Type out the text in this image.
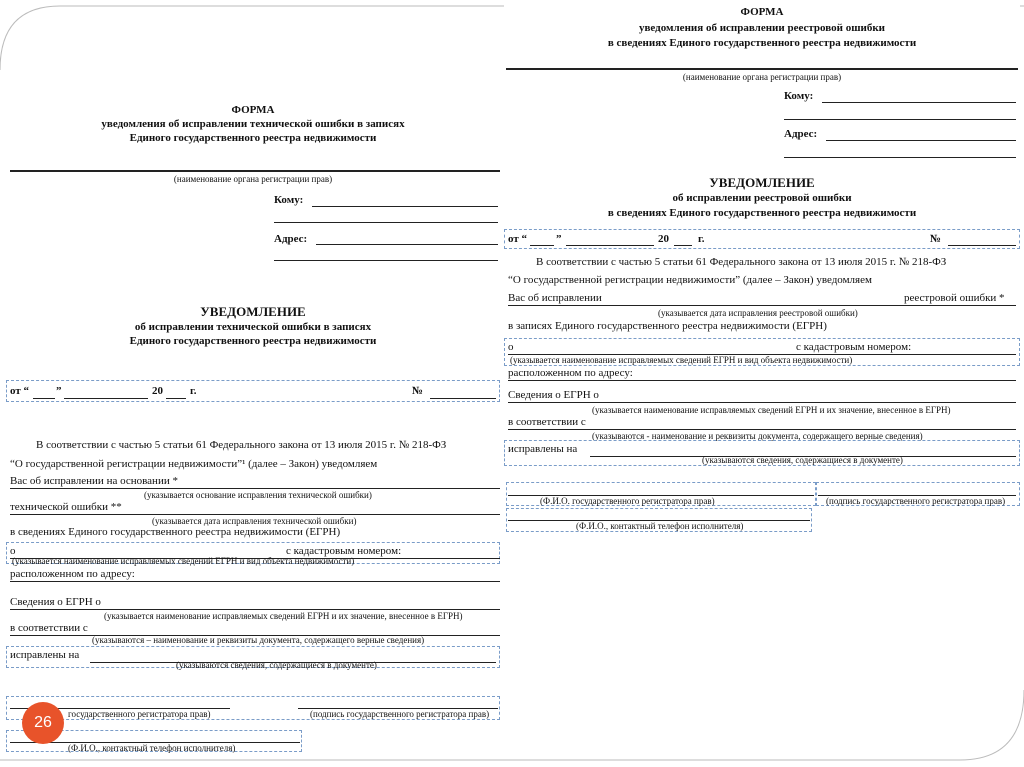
ФОРМА
уведомления об исправлении технической ошибки в записях
Единого государственного реестра недвижимости
(наименование органа регистрации прав)
Кому:
Адрес:
УВЕДОМЛЕНИЕ
об исправлении технической ошибки в записях
Единого государственного реестра недвижимости
от “ ”	20 г.	№
В соответствии с частью 5 статьи 61 Федерального закона от 13 июля 2015 г. № 218-ФЗ
“О государственной регистрации недвижимости”¹ (далее – Закон) уведомляем
Вас об исправлении на основании *
(указывается основание исправления технической ошибки)
технической ошибки **
(указывается дата исправления технической ошибки)
в сведениях Единого государственного реестра недвижимости (ЕГРН)
о	с кадастровым номером:
(указывается наименование исправляемых сведений ЕГРН и вид объекта недвижимости)
расположенном по адресу:
Сведения о ЕГРН о
(указывается наименование исправляемых сведений ЕГРН и их значение, внесенное в ЕГРН)
в соответствии с
(указываются – наименование и реквизиты документа, содержащего верные сведения)
исправлены на
(указываются сведения, содержащиеся в документе)
государственного регистратора прав)	(подпись государственного регистратора прав)
(Ф.И.О., контактный телефон исполнителя)
ФОРМА
уведомления об исправлении реестровой ошибки
в сведениях Единого государственного реестра недвижимости
(наименование органа регистрации прав)
Кому:
Адрес:
УВЕДОМЛЕНИЕ
об исправлении реестровой ошибки
в сведениях Единого государственного реестра недвижимости
от “	”	20	г.	№
В соответствии с частью 5 статьи 61 Федерального закона от 13 июля 2015 г. № 218-ФЗ
“О государственной регистрации недвижимости” (далее – Закон) уведомляем
Вас об исправлении	реестровой ошибки *
(указывается дата исправления реестровой ошибки)
в записях Единого государственного реестра недвижимости (ЕГРН)
о	с кадастровым номером:
(указывается наименование исправляемых сведений ЕГРН и вид объекта недвижимости)
расположенном по адресу:
Сведения о ЕГРН о
(указывается наименование исправляемых сведений ЕГРН и их значение, внесенное в ЕГРН)
в соответствии с
(указываются - наименование и реквизиты документа, содержащего верные сведения)
исправлены на
(указываются сведения, содержащиеся в документе)
(Ф.И.О. государственного регистратора прав)	(подпись государственного регистратора прав)
(Ф.И.О., контактный телефон исполнителя)
26
